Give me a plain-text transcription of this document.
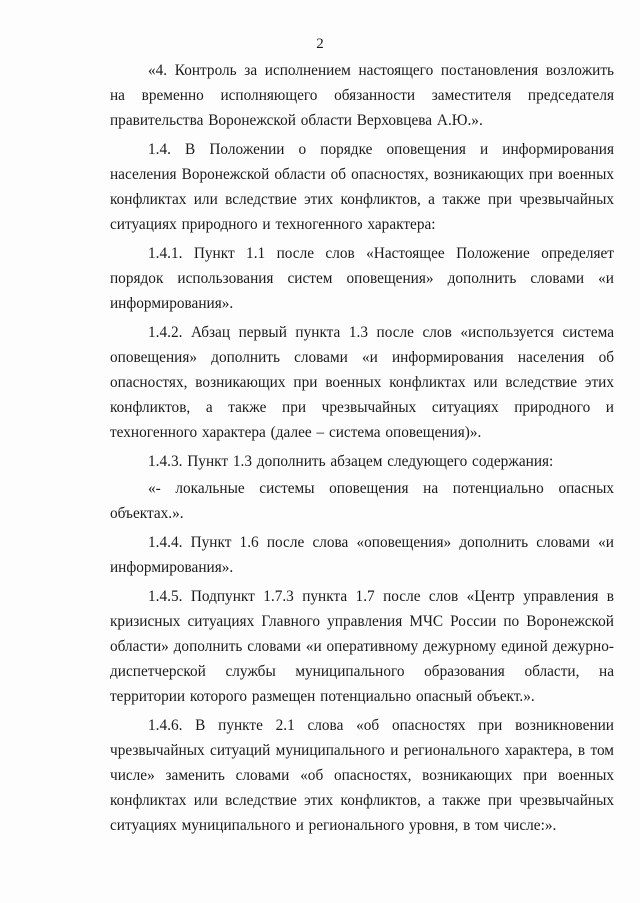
2

«4. Контроль за исполнением настоящего постановления возложить на временно исполняющего обязанности заместителя председателя правительства Воронежской области Верховцева А.Ю.».

1.4. В Положении о порядке оповещения и информирования населения Воронежской области об опасностях, возникающих при военных конфликтах или вследствие этих конфликтов, а также при чрезвычайных ситуациях природного и техногенного характера:

1.4.1. Пункт 1.1 после слов «Настоящее Положение определяет порядок использования систем оповещения» дополнить словами «и информирования».

1.4.2. Абзац первый пункта 1.3 после слов «используется система оповещения» дополнить словами «и информирования населения об опасностях, возникающих при военных конфликтах или вследствие этих конфликтов, а также при чрезвычайных ситуациях природного и техногенного характера (далее – система оповещения)».

1.4.3. Пункт 1.3 дополнить абзацем следующего содержания:

«- локальные системы оповещения на потенциально опасных объектах.».

1.4.4. Пункт 1.6 после слова «оповещения» дополнить словами «и информирования».

1.4.5. Подпункт 1.7.3 пункта 1.7 после слов «Центр управления в кризисных ситуациях Главного управления МЧС России по Воронежской области» дополнить словами «и оперативному дежурному единой дежурно-диспетчерской службы муниципального образования области, на территории которого размещен потенциально опасный объект.».

1.4.6. В пункте 2.1 слова «об опасностях при возникновении чрезвычайных ситуаций муниципального и регионального характера, в том числе» заменить словами «об опасностях, возникающих при военных конфликтах или вследствие этих конфликтов, а также при чрезвычайных ситуациях муниципального и регионального уровня, в том числе:».
